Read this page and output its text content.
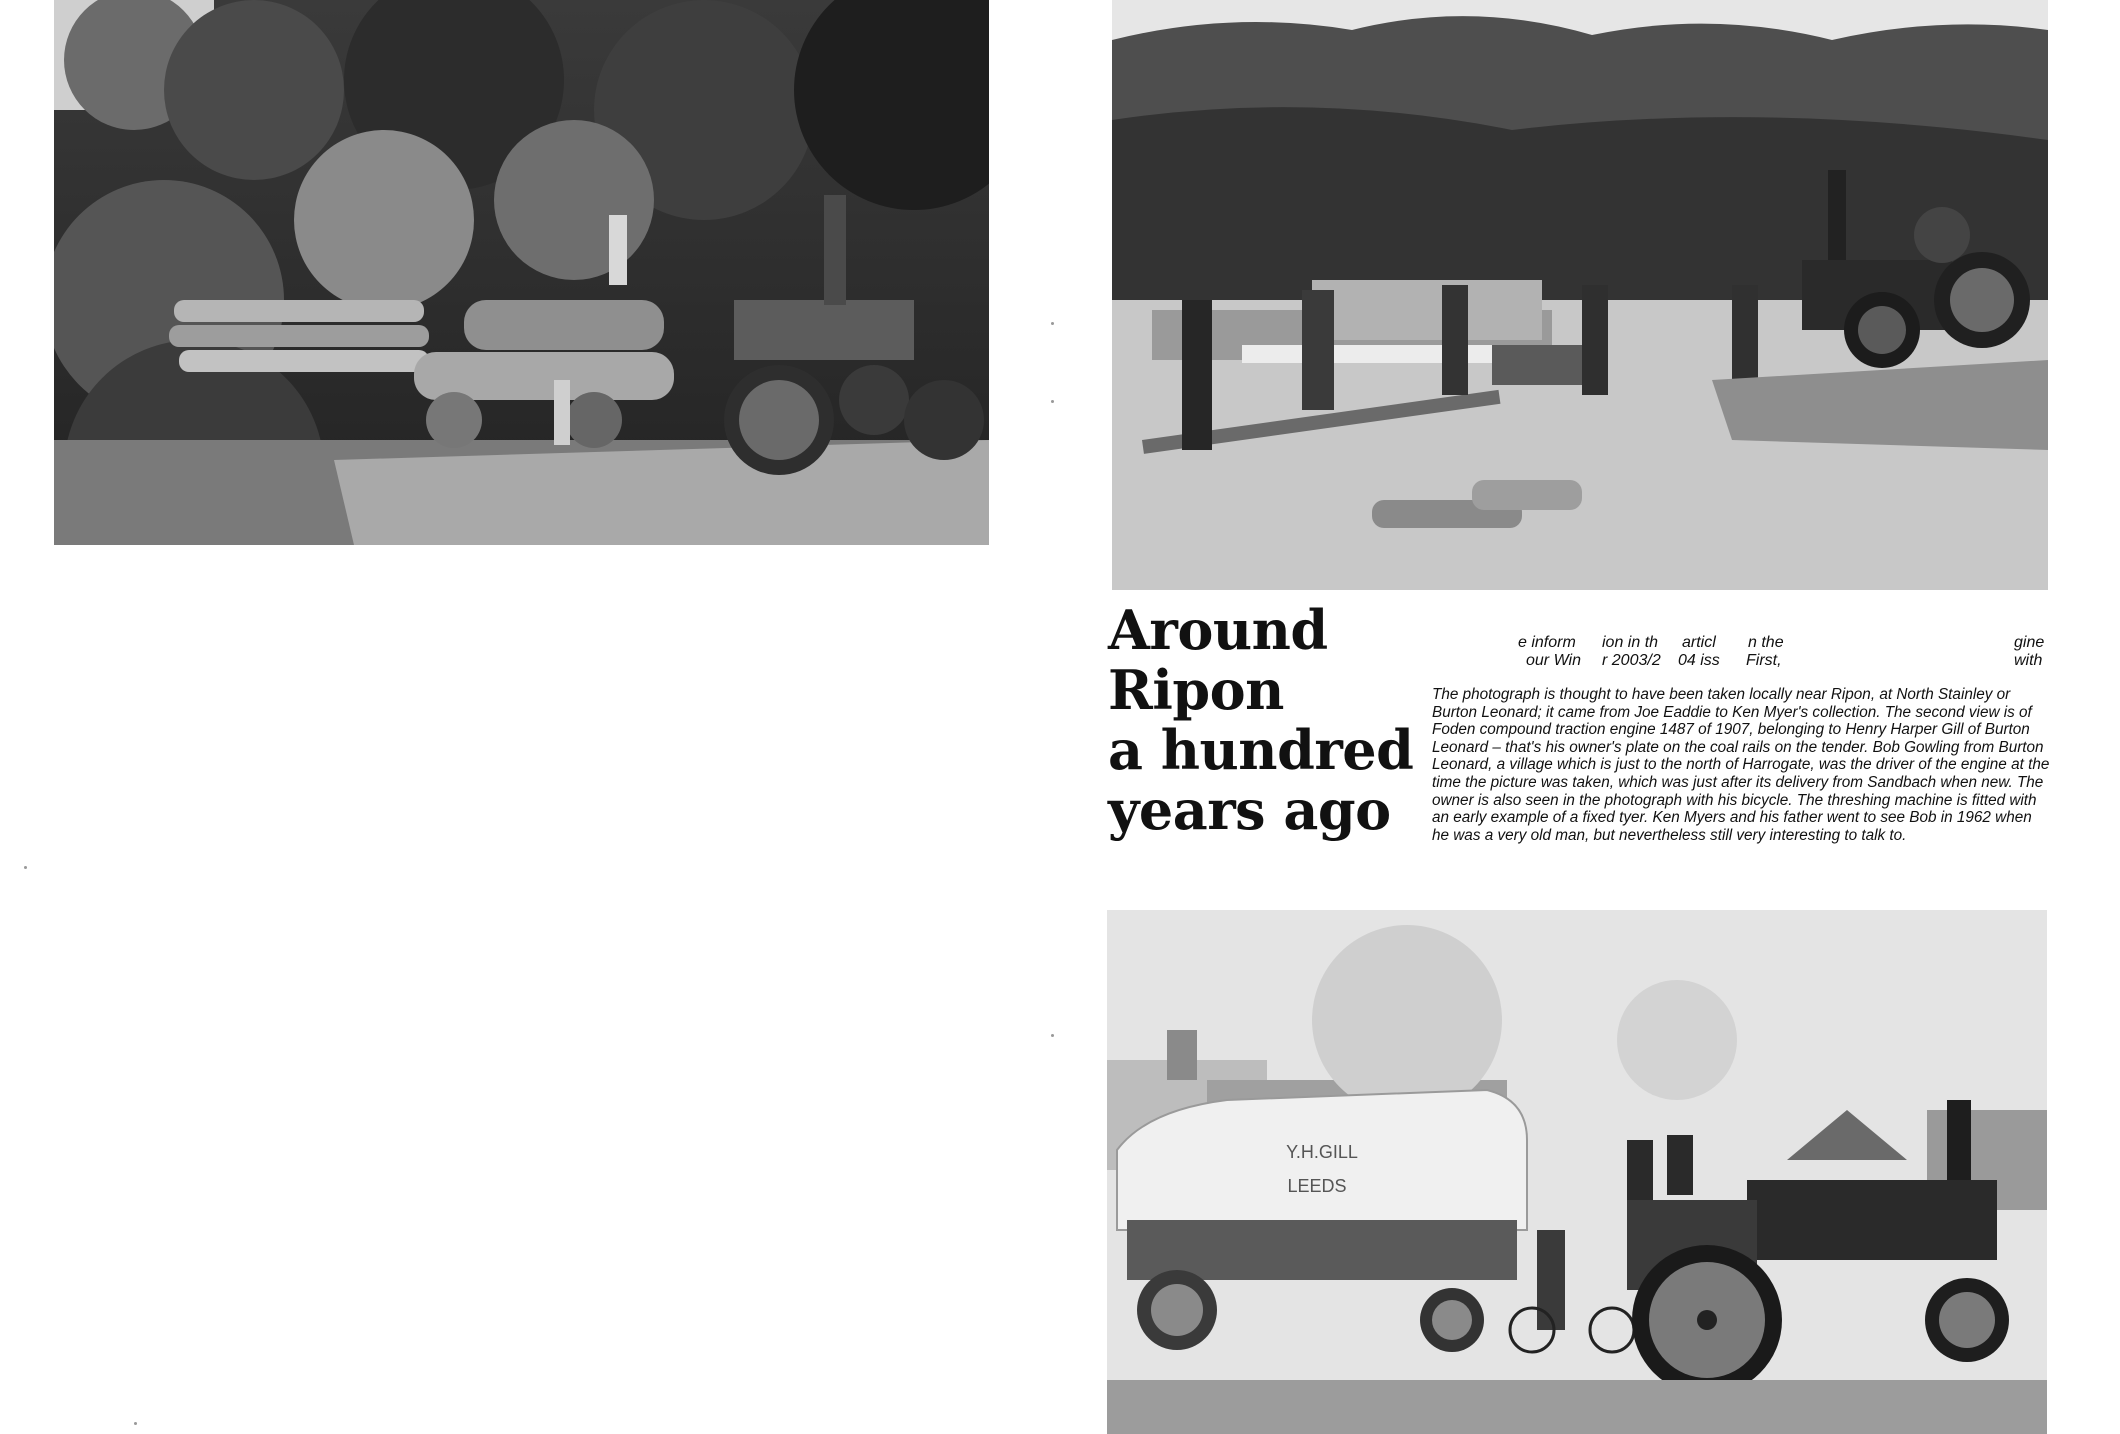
Around
Ripon
a hundred
years ago
e inform ion in th articl n the	gine
our Win r 2003/2 04 iss First,	with

The photograph is thought to have been taken locally near Ripon, at North Stainley or Burton Leonard; it came from Joe Eaddie to Ken Myer's collection. The second view is of Foden compound traction engine 1487 of 1907, belonging to Henry Harper Gill of Burton Leonard – that's his owner's plate on the coal rails on the tender. Bob Gowling from Burton Leonard, a village which is just to the north of Harrogate, was the driver of the engine at the time the picture was taken, which was just after its delivery from Sandbach when new. The owner is also seen in the photograph with his bicycle. The threshing machine is fitted with an early example of a fixed tyer. Ken Myers and his father went to see Bob in 1962 when he was a very old man, but nevertheless still very interesting to talk to.

Y.H.GILL
LEEDS
